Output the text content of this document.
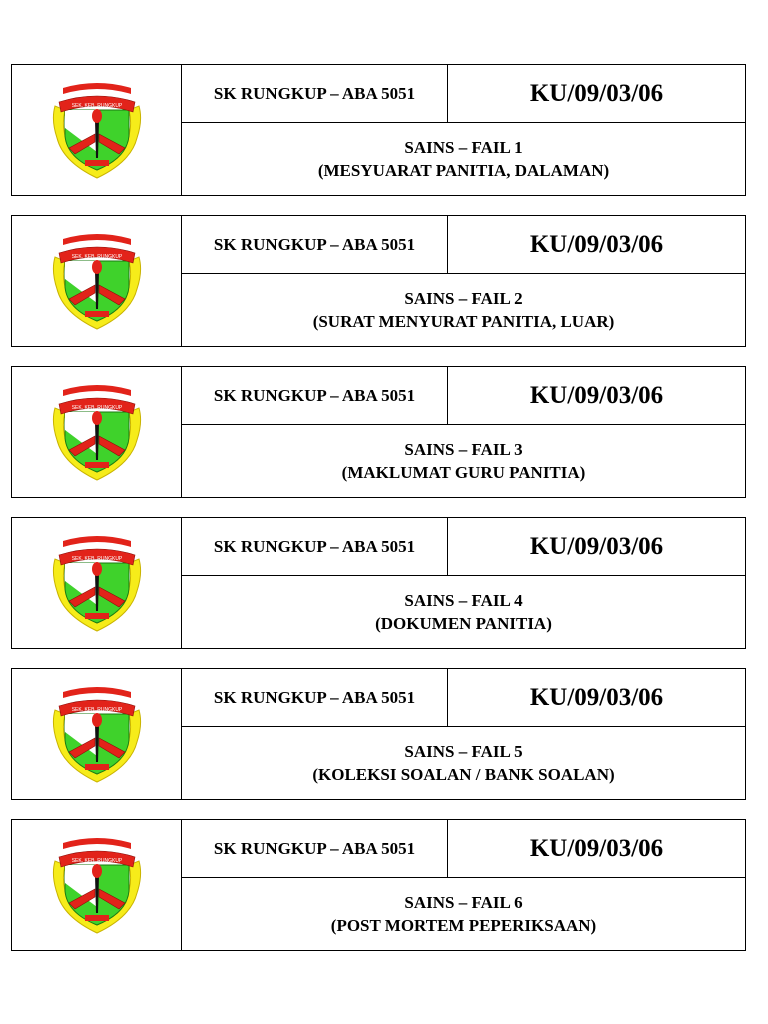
SEK. KEB. RUNGKUP
SK RUNGKUP – ABA 5051	KU/09/03/06
SAINS – FAIL 1
(MESYUARAT PANITIA, DALAMAN)
SEK. KEB. RUNGKUP
SK RUNGKUP – ABA 5051	KU/09/03/06
SAINS – FAIL 2
(SURAT MENYURAT PANITIA, LUAR)
SEK. KEB. RUNGKUP
SK RUNGKUP – ABA 5051	KU/09/03/06
SAINS – FAIL 3
(MAKLUMAT GURU PANITIA)
SEK. KEB. RUNGKUP
SK RUNGKUP – ABA 5051	KU/09/03/06
SAINS – FAIL 4
(DOKUMEN PANITIA)
SEK. KEB. RUNGKUP
SK RUNGKUP – ABA 5051	KU/09/03/06
SAINS – FAIL 5
(KOLEKSI SOALAN / BANK SOALAN)
SEK. KEB. RUNGKUP
SK RUNGKUP – ABA 5051	KU/09/03/06
SAINS – FAIL 6
(POST MORTEM PEPERIKSAAN)
